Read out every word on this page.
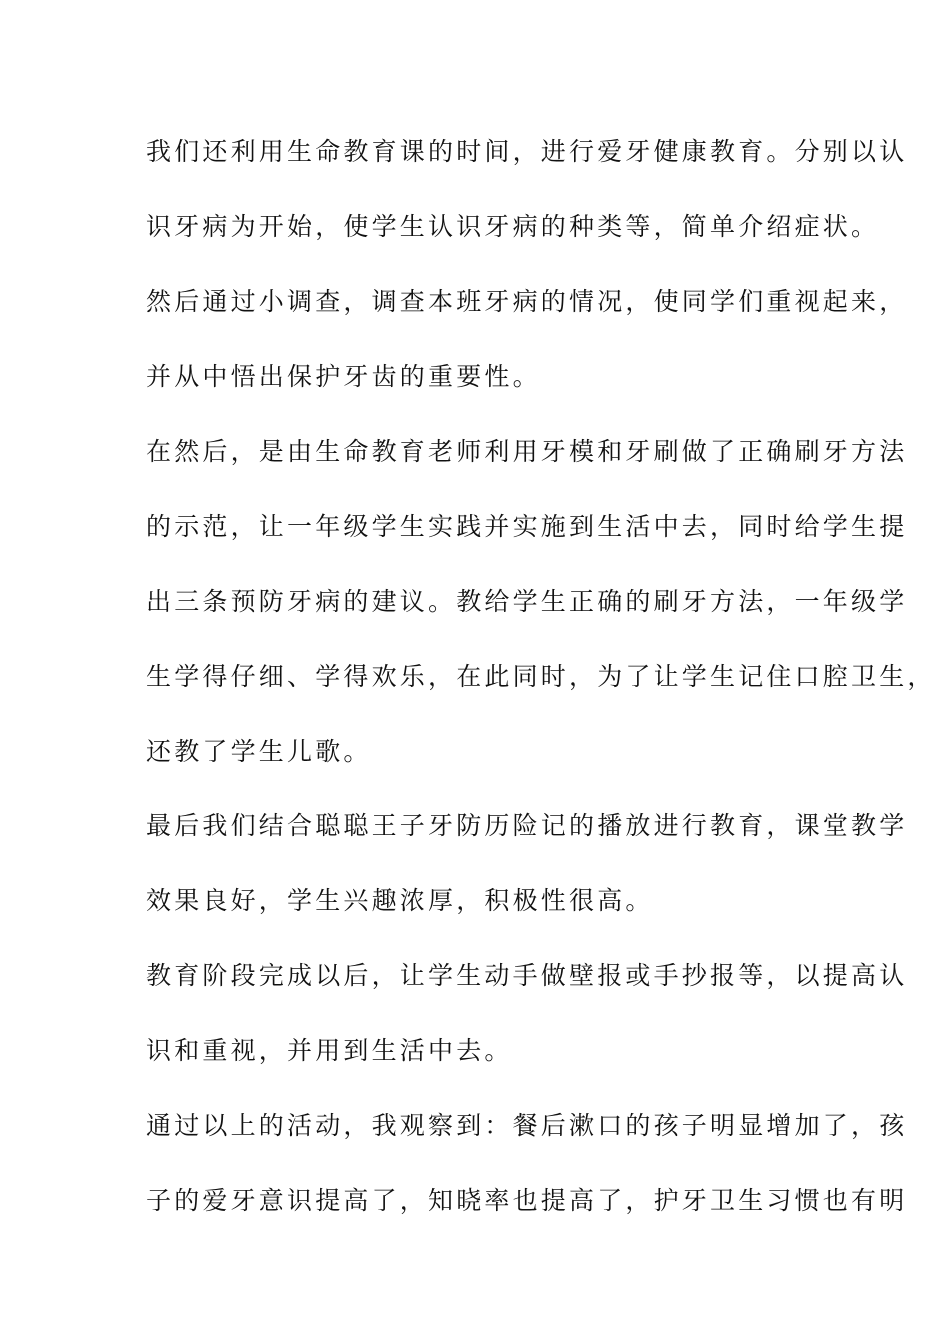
我们还利用生命教育课的时间，进行爱牙健康教育。分别以认

识牙病为开始，使学生认识牙病的种类等，简单介绍症状。

然后通过小调查，调查本班牙病的情况，使同学们重视起来，

并从中悟出保护牙齿的重要性。

在然后，是由生命教育老师利用牙模和牙刷做了正确刷牙方法

的示范，让一年级学生实践并实施到生活中去，同时给学生提

出三条预防牙病的建议。教给学生正确的刷牙方法，一年级学

生学得仔细、学得欢乐，在此同时，为了让学生记住口腔卫生，

还教了学生儿歌。

最后我们结合聪聪王子牙防历险记的播放进行教育，课堂教学

效果良好，学生兴趣浓厚，积极性很高。

教育阶段完成以后，让学生动手做壁报或手抄报等，以提高认

识和重视，并用到生活中去。

通过以上的活动，我观察到：餐后漱口的孩子明显增加了，孩

子的爱牙意识提高了，知晓率也提高了，护牙卫生习惯也有明
